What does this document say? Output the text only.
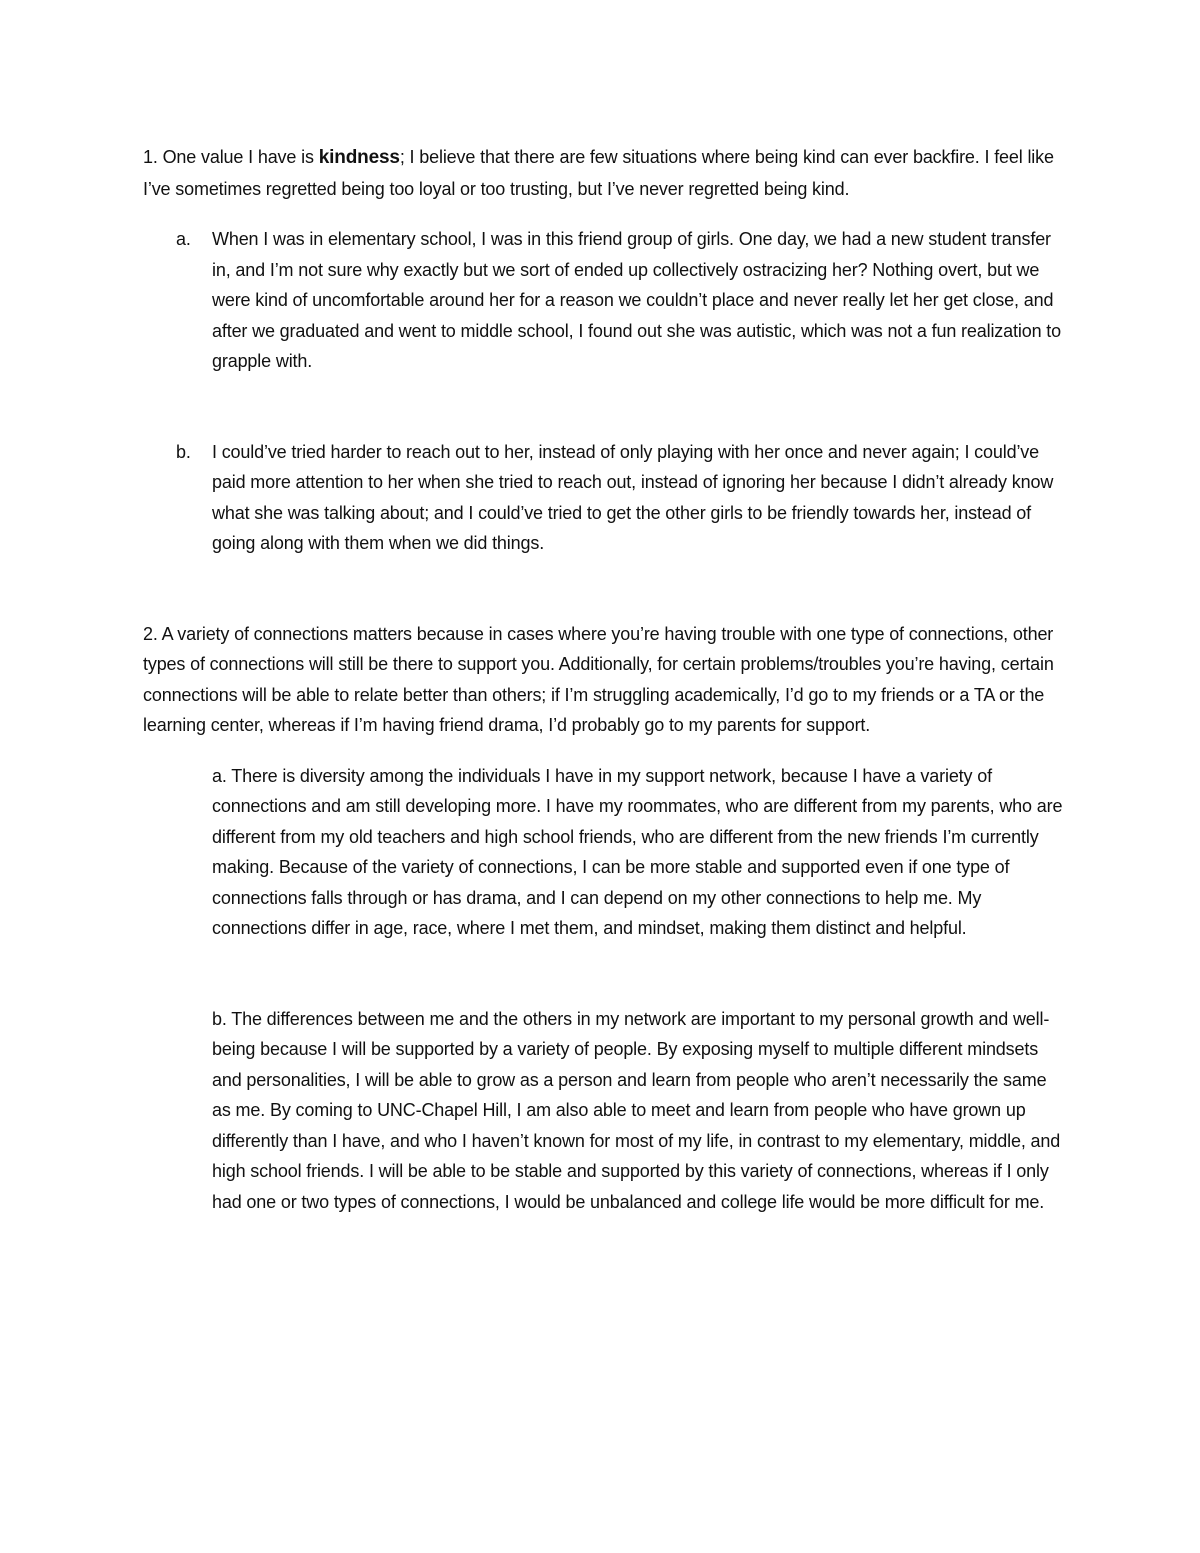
1. One value I have is kindness; I believe that there are few situations where being kind can ever backfire. I feel like I’ve sometimes regretted being too loyal or too trusting, but I’ve never regretted being kind.

a. When I was in elementary school, I was in this friend group of girls. One day, we had a new student transfer in, and I’m not sure why exactly but we sort of ended up collectively ostracizing her? Nothing overt, but we were kind of uncomfortable around her for a reason we couldn’t place and never really let her get close, and after we graduated and went to middle school, I found out she was autistic, which was not a fun realization to grapple with.

b. I could’ve tried harder to reach out to her, instead of only playing with her once and never again; I could’ve paid more attention to her when she tried to reach out, instead of ignoring her because I didn’t already know what she was talking about; and I could’ve tried to get the other girls to be friendly towards her, instead of going along with them when we did things.

2. A variety of connections matters because in cases where you’re having trouble with one type of connections, other types of connections will still be there to support you. Additionally, for certain problems/troubles you’re having, certain connections will be able to relate better than others; if I’m struggling academically, I’d go to my friends or a TA or the learning center, whereas if I’m having friend drama, I’d probably go to my parents for support.

a. There is diversity among the individuals I have in my support network, because I have a variety of connections and am still developing more. I have my roommates, who are different from my parents, who are different from my old teachers and high school friends, who are different from the new friends I’m currently making. Because of the variety of connections, I can be more stable and supported even if one type of connections falls through or has drama, and I can depend on my other connections to help me. My connections differ in age, race, where I met them, and mindset, making them distinct and helpful.

b. The differences between me and the others in my network are important to my personal growth and well-being because I will be supported by a variety of people. By exposing myself to multiple different mindsets and personalities, I will be able to grow as a person and learn from people who aren’t necessarily the same as me. By coming to UNC-Chapel Hill, I am also able to meet and learn from people who have grown up differently than I have, and who I haven’t known for most of my life, in contrast to my elementary, middle, and high school friends. I will be able to be stable and supported by this variety of connections, whereas if I only had one or two types of connections, I would be unbalanced and college life would be more difficult for me.
